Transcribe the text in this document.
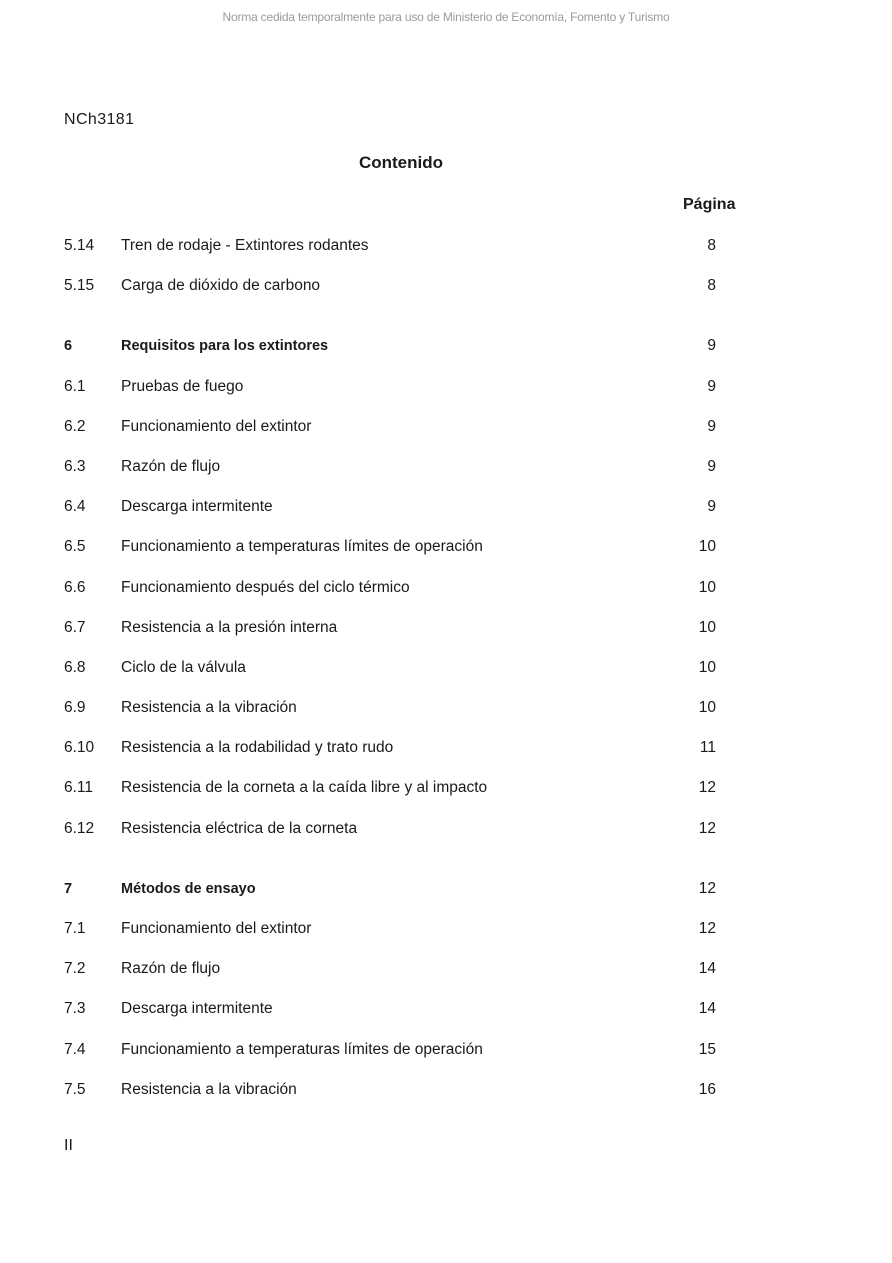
Norma cedida temporalmente para uso de Ministerio de Economía, Fomento y Turismo
NCh3181
Contenido
Página
5.14 Tren de rodaje - Extintores rodantes	8
5.15 Carga de dióxido de carbono	8
6	Requisitos para los extintores	9
6.1 Pruebas de fuego	9
6.2 Funcionamiento del extintor	9
6.3 Razón de flujo	9
6.4 Descarga intermitente	9
6.5 Funcionamiento a temperaturas límites de operación	10
6.6 Funcionamiento después del ciclo térmico	10
6.7 Resistencia a la presión interna	10
6.8 Ciclo de la válvula	10
6.9 Resistencia a la vibración	10
6.10 Resistencia a la rodabilidad y trato rudo	11
6.11 Resistencia de la corneta a la caída libre y al impacto	12
6.12 Resistencia eléctrica de la corneta	12
7	Métodos de ensayo	12
7.1 Funcionamiento del extintor	12
7.2 Razón de flujo	14
7.3 Descarga intermitente	14
7.4 Funcionamiento a temperaturas límites de operación	15
7.5 Resistencia a la vibración	16
II
